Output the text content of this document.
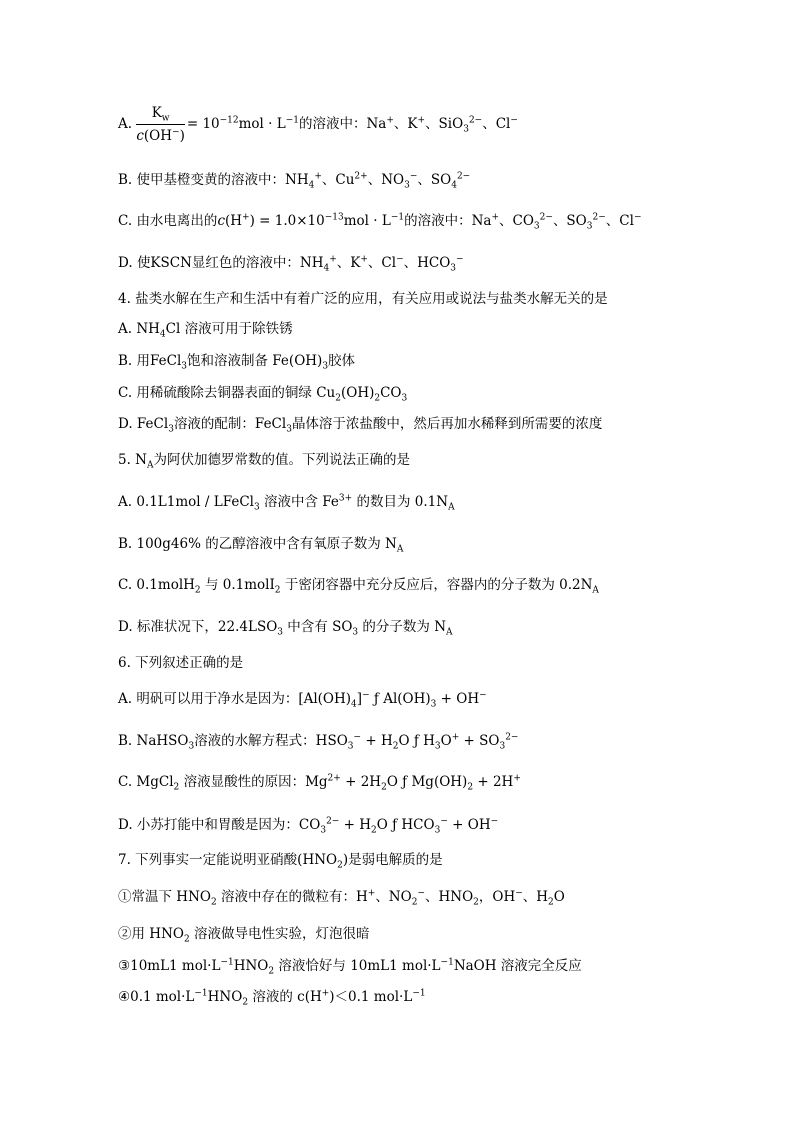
A. $\frac{K_w}{c(OH^-)} = 10^{-12}mol \cdot L^{-1}$的溶液中：Na+、K+、SiO$_3^{2-}$、Cl−
B. 使甲基橙变黄的溶液中：$NH_4^+$、$Cu^{2+}$、$NO_3^-$、$SO_4^{2-}$
C. 由水电离出的$c(H^+) = 1.0\times 10^{-13}mol \cdot L^{-1}$的溶液中：Na+、$CO_3^{2-}$、$SO_3^{2-}$、Cl−
D. 使KSCN显红色的溶液中：$NH_4^+$、K+、Cl−、$HCO_3^-$
4. 盐类水解在生产和生活中有着广泛的应用，有关应用或说法与盐类水解无关的是
A. $NH_4Cl$ 溶液可用于除铁锈
B. 用FeCl$_3$饱和溶液制备 $Fe(OH)_3$胶体
C. 用稀硫酸除去铜器表面的铜绿 $Cu_2(OH)_2CO_3$
D. FeCl$_3$溶液的配制：FeCl$_3$晶体溶于浓盐酸中，然后再加水稀释到所需要的浓度
5. $N_A$为阿伏加德罗常数的值。下列说法正确的是
A. 0.1L1mol / LFeCl$_3$ 溶液中含 $Fe^{3+}$ 的数目为 $0.1N_A$
B. 100g46% 的乙醇溶液中含有氧原子数为 $N_A$
C. 0.1molH$_2$ 与 0.1molI$_2$ 于密闭容器中充分反应后，容器内的分子数为 $0.2N_A$
D. 标准状况下，$22.4LSO_3$ 中含有 $SO_3$ 的分子数为 $N_A$
6. 下列叙述正确的是
A. 明矾可以用于净水是因为：$[Al(OH)_4]^-$ ƒ $Al(OH)_3 + OH^-$
B. NaHSO$_3$溶液的水解方程式：$HSO_3^- + H_2O$ ƒ $H_3O^+ + SO_3^{2-}$
C. MgCl$_2$ 溶液显酸性的原因：$Mg^{2+} + 2H_2O$ ƒ $Mg(OH)_2 + 2H^+$
D. 小苏打能中和胃酸是因为：$CO_3^{2-} + H_2O$ ƒ $HCO_3^- + OH^-$
7. 下列事实一定能说明亚硝酸$(HNO_2)$是弱电解质的是
①常温下 $HNO_2$ 溶液中存在的微粒有：H+、$NO_2^-$、$HNO_2$，OH−、$H_2O$
②用 $HNO_2$ 溶液做导电性实验，灯泡很暗
③10mL1 $mol\cdot L^{-1}HNO_2$ 溶液恰好与 10mL1 $mol\cdot L^{-1}NaOH$ 溶液完全反应
④0.1 $mol\cdot L^{-1}HNO_2$ 溶液的 c(H+)＜0.1 $mol\cdot L^{-1}$
